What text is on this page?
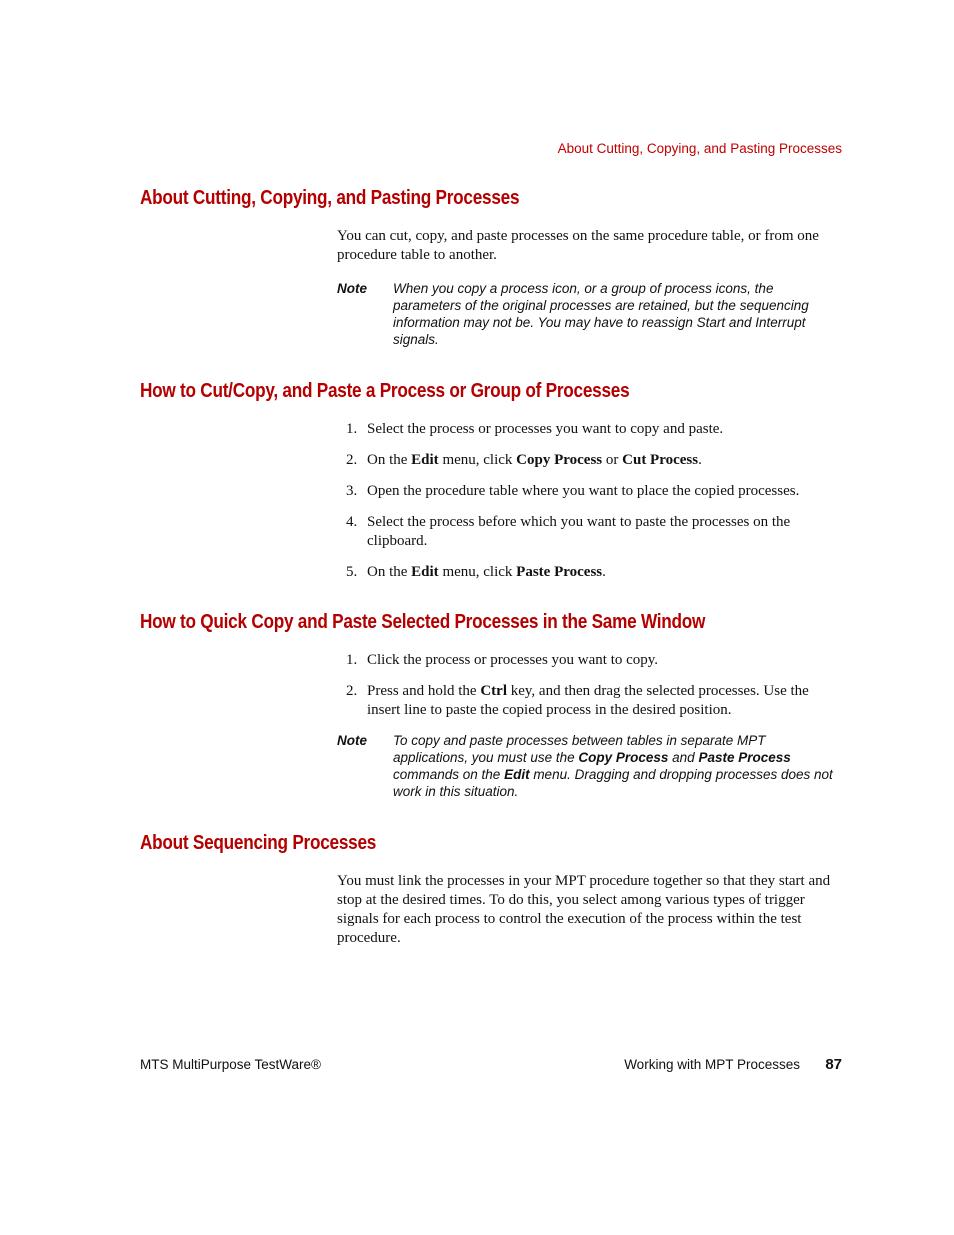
About Cutting, Copying, and Pasting Processes
About Cutting, Copying, and Pasting Processes

You can cut, copy, and paste processes on the same procedure table, or from one procedure table to another.

Note When you copy a process icon, or a group of process icons, the parameters of the original processes are retained, but the sequencing information may not be. You may have to reassign Start and Interrupt signals.
How to Cut/Copy, and Paste a Process or Group of Processes
1. Select the process or processes you want to copy and paste.
2. On the Edit menu, click Copy Process or Cut Process.
3. Open the procedure table where you want to place the copied processes.
4. Select the process before which you want to paste the processes on the clipboard.
5. On the Edit menu, click Paste Process.
How to Quick Copy and Paste Selected Processes in the Same Window
1. Click the process or processes you want to copy.
2. Press and hold the Ctrl key, and then drag the selected processes. Use the insert line to paste the copied process in the desired position.
Note To copy and paste processes between tables in separate MPT applications, you must use the Copy Process and Paste Process commands on the Edit menu. Dragging and dropping processes does not work in this situation.
About Sequencing Processes

You must link the processes in your MPT procedure together so that they start and stop at the desired times. To do this, you select among various types of trigger signals for each process to control the execution of the process within the test procedure.

MTS MultiPurpose TestWare®	Working with MPT Processes 87
